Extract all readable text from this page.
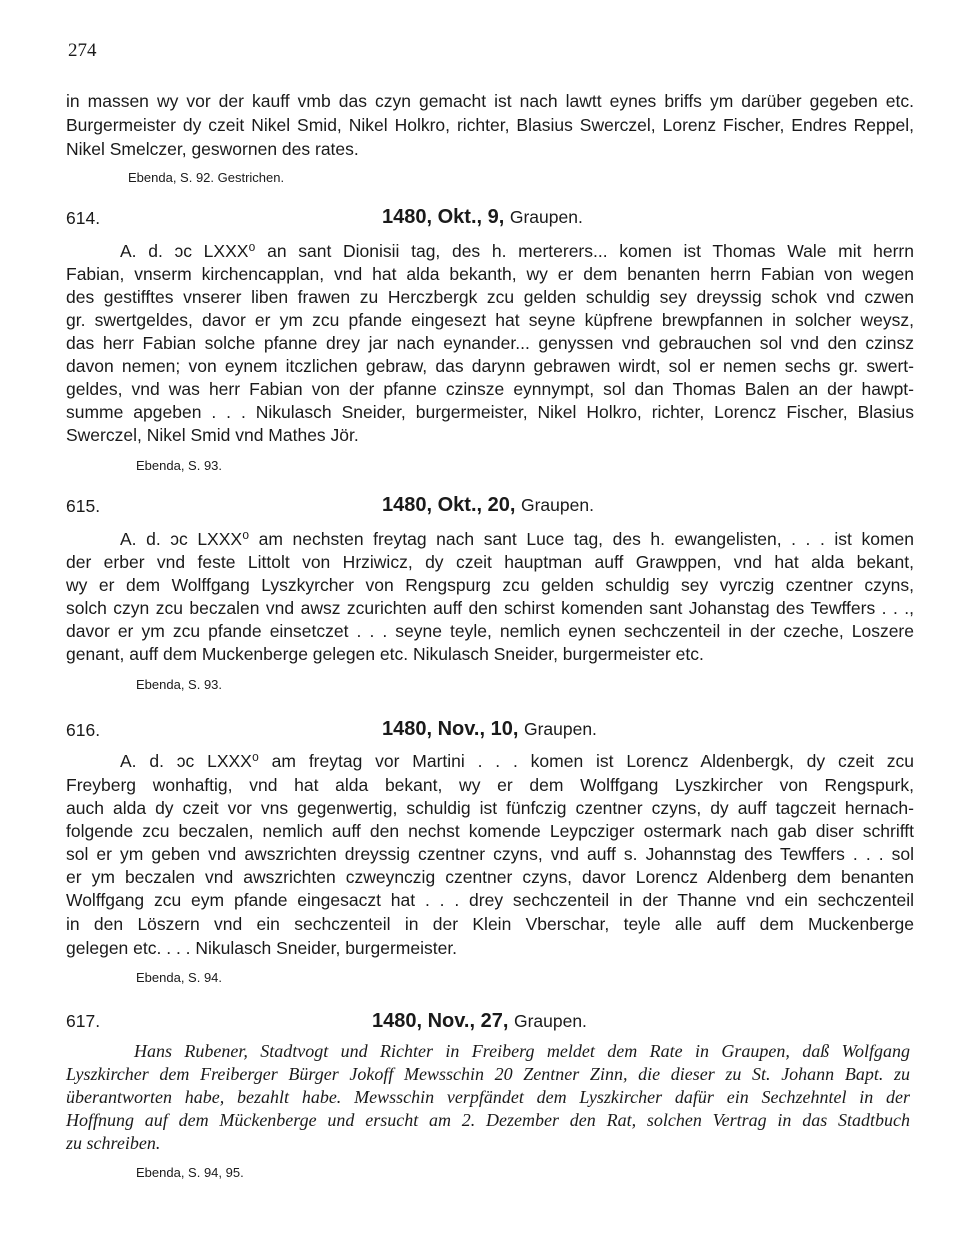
274
in massen wy vor der kauff vmb das czyn gemacht ist nach lawtt eynes briffs ym darüber gegeben etc.
Burgermeister dy czeit Nikel Smid, Nikel Holkro, richter, Blasius Swerczel, Lorenz Fischer, Endres Reppel,
Nikel Smelczer, geswornen des rates.
Ebenda, S. 92. Gestrichen.
614.	1480, Okt., 9, Graupen.
A. d. ɔc LXXX⁰ an sant Dionisii tag, des h. merterers... komen ist Thomas Wale mit herrn
Fabian, vnserm kirchencapplan, vnd hat alda bekanth, wy er dem benanten herrn Fabian von wegen
des gestifftes vnserer liben frawen zu Herczbergk zcu gelden schuldig sey dreyssig schok vnd czwen
gr. swertgeldes, davor er ym zcu pfande eingesezt hat seyne küpfrene brewpfannen in solcher weysz,
das herr Fabian solche pfanne drey jar nach eynander... genyssen vnd gebrauchen sol vnd den czinsz
davon nemen; von eynem itczlichen gebraw, das darynn gebrawen wirdt, sol er nemen sechs gr. swert-
geldes, vnd was herr Fabian von der pfanne czinsze eynnympt, sol dan Thomas Balen an der hawpt-
summe apgeben . . . Nikulasch Sneider, burgermeister, Nikel Holkro, richter, Lorencz Fischer, Blasius
Swerczel, Nikel Smid vnd Mathes Jör.
Ebenda, S. 93.
615.	1480, Okt., 20, Graupen.
A. d. ɔc LXXX⁰ am nechsten freytag nach sant Luce tag, des h. ewangelisten, . . . ist komen
der erber vnd feste Littolt von Hrziwicz, dy czeit hauptman auff Grawppen, vnd hat alda bekant,
wy er dem Wolffgang Lyszkyrcher von Rengspurg zcu gelden schuldig sey vyrczig czentner czyns,
solch czyn zcu beczalen vnd awsz zcurichten auff den schirst komenden sant Johanstag des Tewffers . . .,
davor er ym zcu pfande einsetczet . . . seyne teyle, nemlich eynen sechczenteil in der czeche, Loszere
genant, auff dem Muckenberge gelegen etc. Nikulasch Sneider, burgermeister etc.
Ebenda, S. 93.
616.	1480, Nov., 10, Graupen.
A. d. ɔc LXXX⁰ am freytag vor Martini . . . komen ist Lorencz Aldenbergk, dy czeit zcu
Freyberg wonhaftig, vnd hat alda bekant, wy er dem Wolffgang Lyszkircher von Rengspurk,
auch alda dy czeit vor vns gegenwertig, schuldig ist fünfczig czentner czyns, dy auff tagczeit hernach-
folgende zcu beczalen, nemlich auff den nechst komende Leypcziger ostermark nach gab diser schrifft
sol er ym geben vnd awszrichten dreyssig czentner czyns, vnd auff s. Johannstag des Tewffers . . . sol
er ym beczalen vnd awszrichten czweynczig czentner czyns, davor Lorencz Aldenberg dem benanten
Wolffgang zcu eym pfande eingesaczt hat . . . drey sechczenteil in der Thanne vnd ein sechczenteil
in den Löszern vnd ein sechczenteil in der Klein Vberschar, teyle alle auff dem Muckenberge
gelegen etc. . . . Nikulasch Sneider, burgermeister.
Ebenda, S. 94.
617.	1480, Nov., 27, Graupen.
Hans Rubener, Stadtvogt und Richter in Freiberg meldet dem Rate in Graupen, daß Wolfgang
Lyszkircher dem Freiberger Bürger Jokoff Mewsschin 20 Zentner Zinn, die dieser zu St. Johann Bapt. zu
überantworten habe, bezahlt habe. Mewsschin verpfändet dem Lyszkircher dafür ein Sechzehntel in der
Hoffnung auf dem Mückenberge und ersucht am 2. Dezember den Rat, solchen Vertrag in das Stadtbuch
zu schreiben.
Ebenda, S. 94, 95.
